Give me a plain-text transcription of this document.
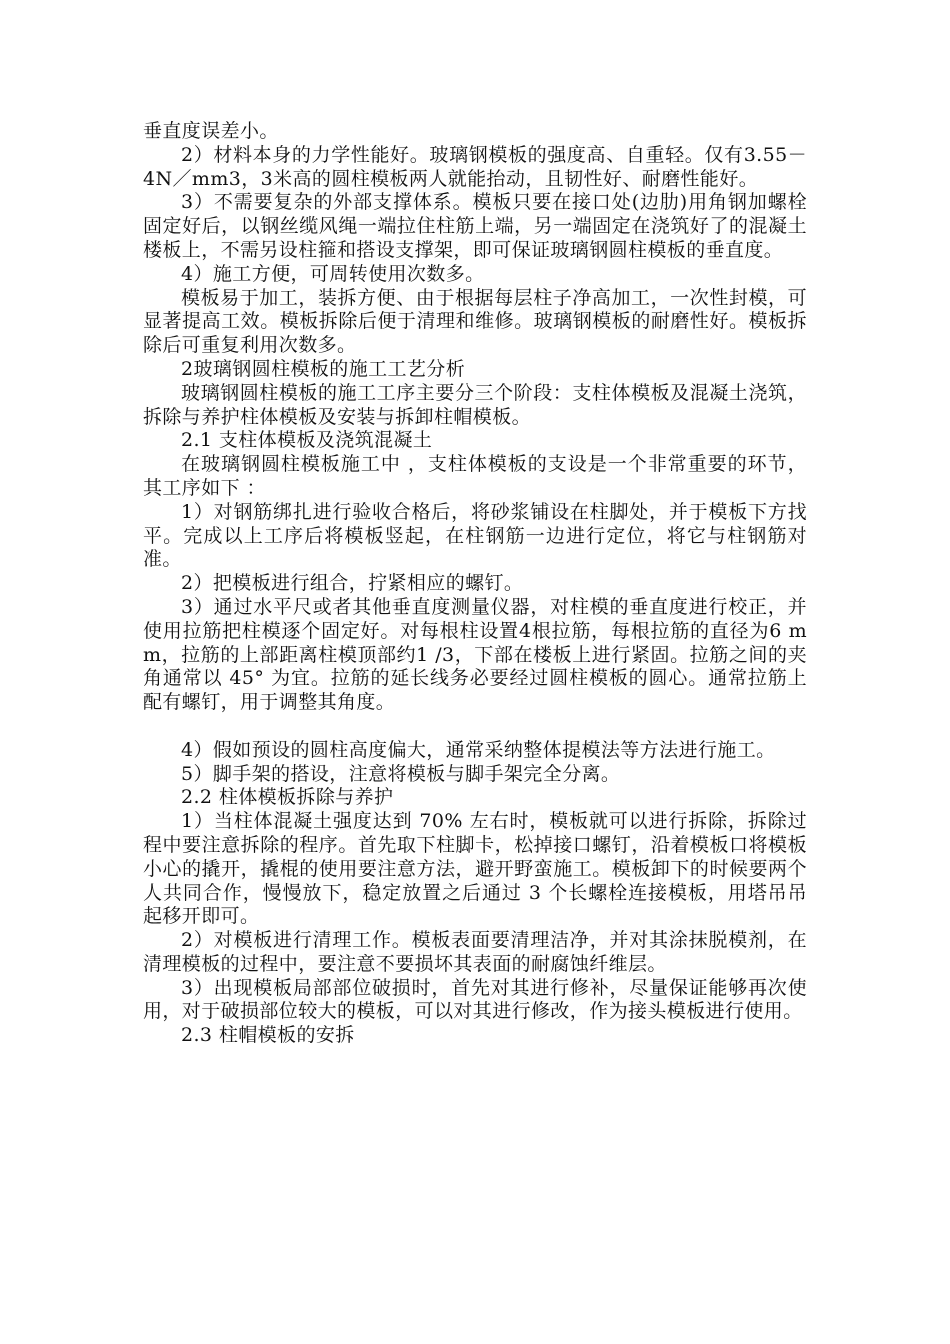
垂直度误差小。

2）材料本身的力学性能好。玻璃钢模板的强度高、自重轻。仅有3.55－4N／mm3，3米高的圆柱模板两人就能抬动，且韧性好、耐磨性能好。

3）不需要复杂的外部支撑体系。模板只要在接口处(边肋)用角钢加螺栓固定好后，以钢丝缆风绳一端拉住柱筋上端，另一端固定在浇筑好了的混凝土楼板上，不需另设柱箍和搭设支撑架，即可保证玻璃钢圆柱模板的垂直度。

4）施工方便，可周转使用次数多。

模板易于加工，装拆方便、由于根据每层柱子净高加工，一次性封模，可显著提高工效。模板拆除后便于清理和维修。玻璃钢模板的耐磨性好。模板拆除后可重复利用次数多。

2玻璃钢圆柱模板的施工工艺分析

玻璃钢圆柱模板的施工工序主要分三个阶段：支柱体模板及混凝土浇筑， 拆除与养护柱体模板及安装与拆卸柱帽模板。

2.1 支柱体模板及浇筑混凝土

在玻璃钢圆柱模板施工中 ，支柱体模板的支设是一个非常重要的环节，其工序如下 ：

1）对钢筋绑扎进行验收合格后，将砂浆铺设在柱脚处，并于模板下方找平。完成以上工序后将模板竖起，在柱钢筋一边进行定位，将它与柱钢筋对准。

2）把模板进行组合，拧紧相应的螺钉。

3）通过水平尺或者其他垂直度测量仪器，对柱模的垂直度进行校正，并使用拉筋把柱模逐个固定好。对每根柱设置4根拉筋，每根拉筋的直径为6 mm，拉筋的上部距离柱模顶部约1 /3，下部在楼板上进行紧固。拉筋之间的夹角通常以 45° 为宜。拉筋的延长线务必要经过圆柱模板的圆心。通常拉筋上配有螺钉，用于调整其角度。

4）假如预设的圆柱高度偏大，通常采纳整体提模法等方法进行施工。

5）脚手架的搭设，注意将模板与脚手架完全分离。

2.2 柱体模板拆除与养护

1）当柱体混凝土强度达到 70% 左右时，模板就可以进行拆除，拆除过程中要注意拆除的程序。首先取下柱脚卡，松掉接口螺钉，沿着模板口将模板小心的撬开，撬棍的使用要注意方法，避开野蛮施工。模板卸下的时候要两个人共同合作，慢慢放下，稳定放置之后通过 3 个长螺栓连接模板，用塔吊吊起移开即可。

2）对模板进行清理工作。模板表面要清理洁净，并对其涂抹脱模剂，在清理模板的过程中，要注意不要损坏其表面的耐腐蚀纤维层。

3）出现模板局部部位破损时，首先对其进行修补，尽量保证能够再次使用，对于破损部位较大的模板，可以对其进行修改，作为接头模板进行使用。

2.3 柱帽模板的安拆
